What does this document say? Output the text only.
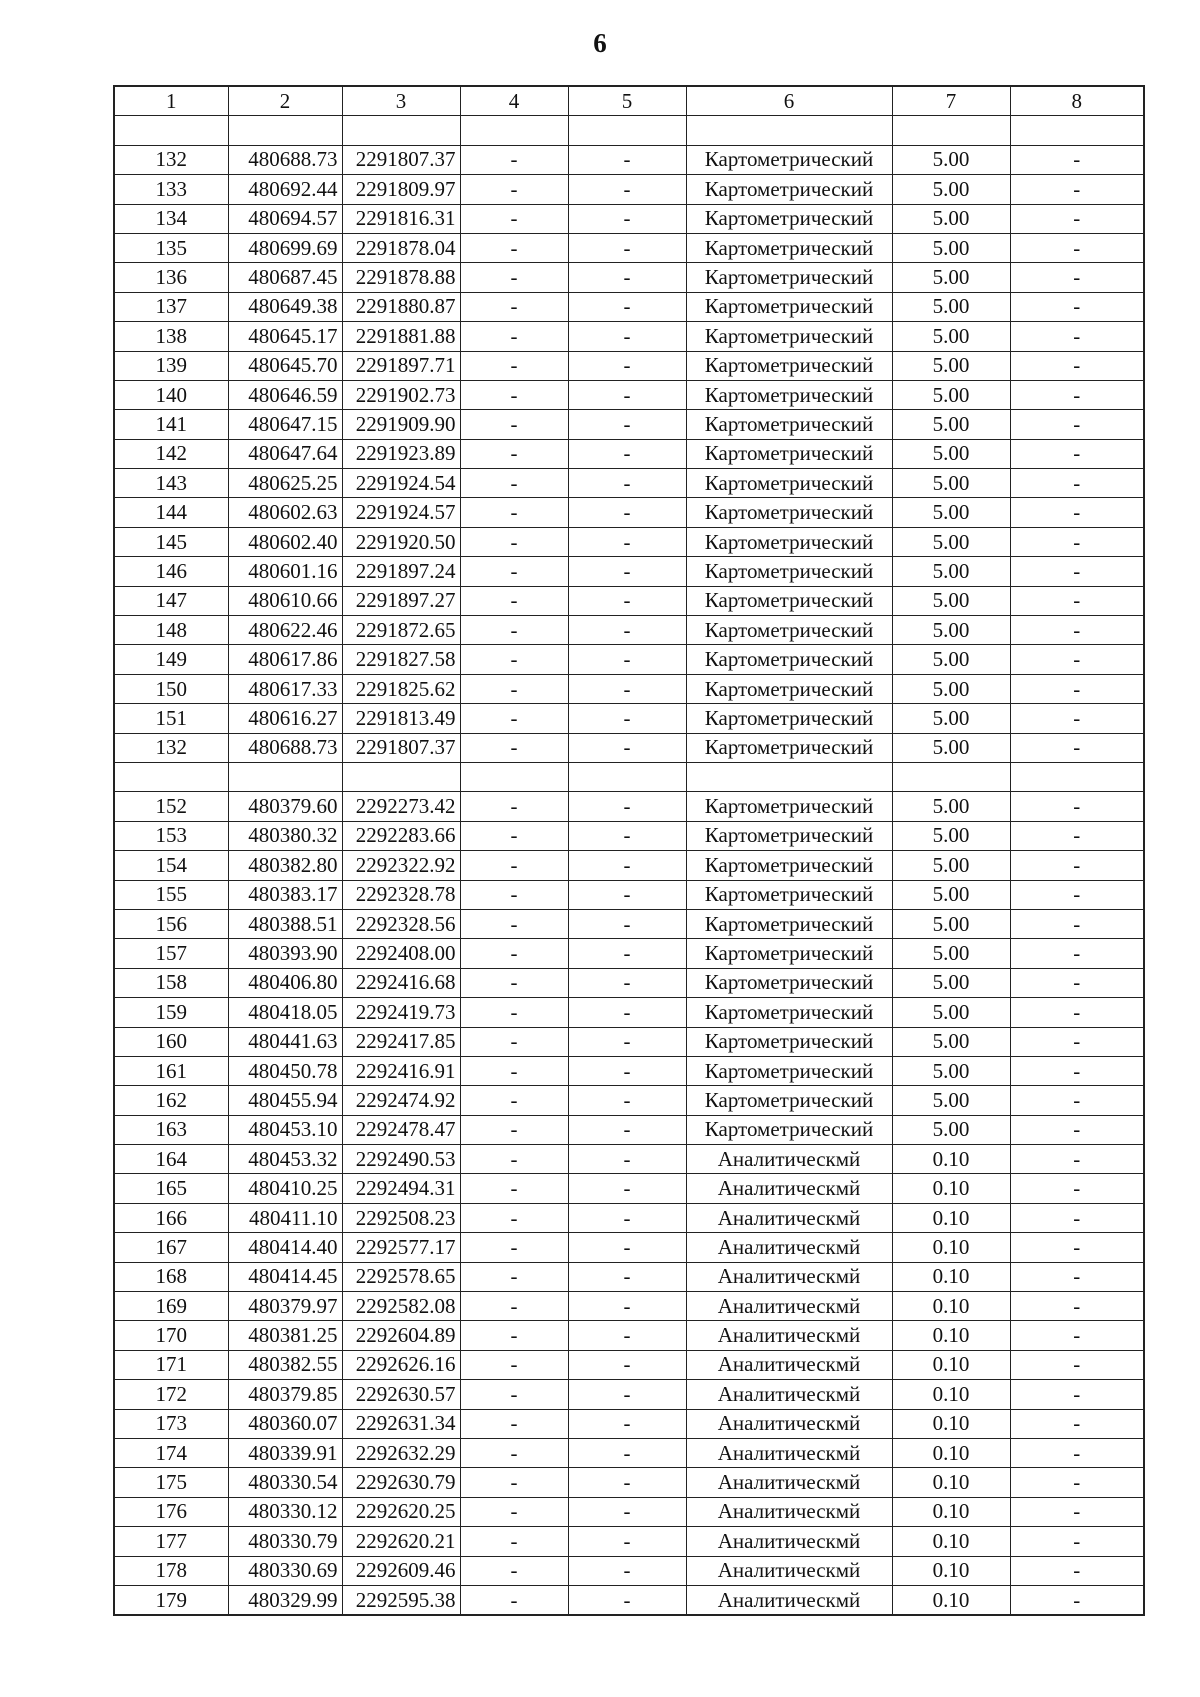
6
1	2	3	4	5	6	7	8

132	480688.73	2291807.37	-	-	Картометрический	5.00	-
133	480692.44	2291809.97	-	-	Картометрический	5.00	-
134	480694.57	2291816.31	-	-	Картометрический	5.00	-
135	480699.69	2291878.04	-	-	Картометрический	5.00	-
136	480687.45	2291878.88	-	-	Картометрический	5.00	-
137	480649.38	2291880.87	-	-	Картометрический	5.00	-
138	480645.17	2291881.88	-	-	Картометрический	5.00	-
139	480645.70	2291897.71	-	-	Картометрический	5.00	-
140	480646.59	2291902.73	-	-	Картометрический	5.00	-
141	480647.15	2291909.90	-	-	Картометрический	5.00	-
142	480647.64	2291923.89	-	-	Картометрический	5.00	-
143	480625.25	2291924.54	-	-	Картометрический	5.00	-
144	480602.63	2291924.57	-	-	Картометрический	5.00	-
145	480602.40	2291920.50	-	-	Картометрический	5.00	-
146	480601.16	2291897.24	-	-	Картометрический	5.00	-
147	480610.66	2291897.27	-	-	Картометрический	5.00	-
148	480622.46	2291872.65	-	-	Картометрический	5.00	-
149	480617.86	2291827.58	-	-	Картометрический	5.00	-
150	480617.33	2291825.62	-	-	Картометрический	5.00	-
151	480616.27	2291813.49	-	-	Картометрический	5.00	-
132	480688.73	2291807.37	-	-	Картометрический	5.00	-

152	480379.60	2292273.42	-	-	Картометрический	5.00	-
153	480380.32	2292283.66	-	-	Картометрический	5.00	-
154	480382.80	2292322.92	-	-	Картометрический	5.00	-
155	480383.17	2292328.78	-	-	Картометрический	5.00	-
156	480388.51	2292328.56	-	-	Картометрический	5.00	-
157	480393.90	2292408.00	-	-	Картометрический	5.00	-
158	480406.80	2292416.68	-	-	Картометрический	5.00	-
159	480418.05	2292419.73	-	-	Картометрический	5.00	-
160	480441.63	2292417.85	-	-	Картометрический	5.00	-
161	480450.78	2292416.91	-	-	Картометрический	5.00	-
162	480455.94	2292474.92	-	-	Картометрический	5.00	-
163	480453.10	2292478.47	-	-	Картометрический	5.00	-
164	480453.32	2292490.53	-	-	Аналитическмй	0.10	-
165	480410.25	2292494.31	-	-	Аналитическмй	0.10	-
166	480411.10	2292508.23	-	-	Аналитическмй	0.10	-
167	480414.40	2292577.17	-	-	Аналитическмй	0.10	-
168	480414.45	2292578.65	-	-	Аналитическмй	0.10	-
169	480379.97	2292582.08	-	-	Аналитическмй	0.10	-
170	480381.25	2292604.89	-	-	Аналитическмй	0.10	-
171	480382.55	2292626.16	-	-	Аналитическмй	0.10	-
172	480379.85	2292630.57	-	-	Аналитическмй	0.10	-
173	480360.07	2292631.34	-	-	Аналитическмй	0.10	-
174	480339.91	2292632.29	-	-	Аналитическмй	0.10	-
175	480330.54	2292630.79	-	-	Аналитическмй	0.10	-
176	480330.12	2292620.25	-	-	Аналитическмй	0.10	-
177	480330.79	2292620.21	-	-	Аналитическмй	0.10	-
178	480330.69	2292609.46	-	-	Аналитическмй	0.10	-
179	480329.99	2292595.38	-	-	Аналитическмй	0.10	-
